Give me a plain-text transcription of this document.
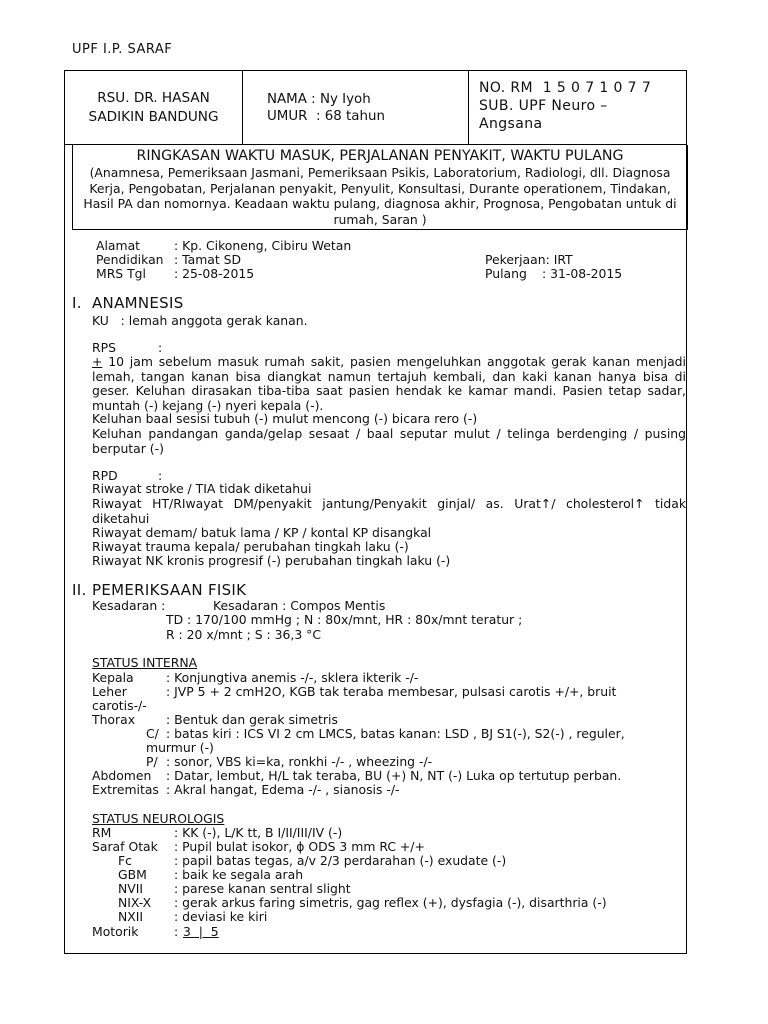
UPF I.P. SARAF
RSU. DR. HASAN
SADIKIN BANDUNG
NAMA : Ny Iyoh
UMUR : 68 tahun
NO. RM  1 5 0 7 1 0 7 7
SUB. UPF Neuro –
Angsana
RINGKASAN WAKTU MASUK, PERJALANAN PENYAKIT, WAKTU PULANG
(Anamnesa, Pemeriksaan Jasmani, Pemeriksaan Psikis, Laboratorium, Radiologi, dll. Diagnosa Kerja, Pengobatan, Perjalanan penyakit, Penyulit, Konsultasi, Durante operationem, Tindakan, Hasil PA dan nomornya. Keadaan waktu pulang, diagnosa akhir, Prognosa, Pengobatan untuk di rumah, Saran )
Alamat	: Kp. Cikoneng, Cibiru Wetan
Pendidikan : Tamat SD	Pekerjaan: IRT
MRS Tgl : 25-08-2015	Pulang : 31-08-2015
I. ANAMNESIS
KU   : lemah anggota gerak kanan.
RPS	:
+ 10 jam sebelum masuk rumah sakit, pasien mengeluhkan anggotak gerak kanan menjadi lemah, tangan kanan bisa diangkat namun tertajuh kembali, dan kaki kanan hanya bisa di geser. Keluhan dirasakan tiba-tiba saat pasien hendak ke kamar mandi. Pasien tetap sadar, muntah (-) kejang (-) nyeri kepala (-).
Keluhan baal sesisi tubuh (-) mulut mencong (-) bicara rero (-)
Keluhan pandangan ganda/gelap sesaat / baal seputar mulut / telinga berdenging / pusing berputar (-)
RPD	:
Riwayat stroke / TIA tidak diketahui
Riwayat HT/RIwayat DM/penyakit jantung/Penyakit ginjal/ as. Urat↑/ cholesterol↑ tidak diketahui
Riwayat demam/ batuk lama / KP / kontal KP disangkal
Riwayat trauma kepala/ perubahan tingkah laku (-)
Riwayat NK kronis progresif (-) perubahan tingkah laku (-)
II. PEMERIKSAAN FISIK
Kesadaran :	Kesadaran : Compos Mentis
TD : 170/100 mmHg ; N : 80x/mnt, HR : 80x/mnt teratur ;
R : 20 x/mnt ; S : 36,3 °C
STATUS INTERNA
Kepala	: Konjungtiva anemis -/-, sklera ikterik -/-
Leher	: JVP 5 + 2 cmH2O, KGB tak teraba membesar, pulsasi carotis +/+, bruit
carotis-/-
Thorax : Bentuk dan gerak simetris
C/ : batas kiri : ICS VI 2 cm LMCS, batas kanan: LSD , BJ S1(-), S2(-) , reguler,
murmur (-)
P/ : sonor, VBS ki=ka, ronkhi -/- , wheezing -/-
Abdomen : Datar, lembut, H/L tak teraba, BU (+) N, NT (-) Luka op tertutup perban.
Extremitas : Akral hangat, Edema -/- , sianosis -/-
STATUS NEUROLOGIS
RM	: KK (-), L/K tt, B I/II/III/IV (-)
Saraf Otak : Pupil bulat isokor, ϕ ODS 3 mm RC +/+
Fc	: papil batas tegas, a/v 2/3 perdarahan (-) exudate (-)
GBM : baik ke segala arah
NVII : parese kanan sentral slight
NIX-X : gerak arkus faring simetris, gag reflex (+), dysfagia (-), disarthria (-)
NXII : deviasi ke kiri
Motorik	: 3  |  5
